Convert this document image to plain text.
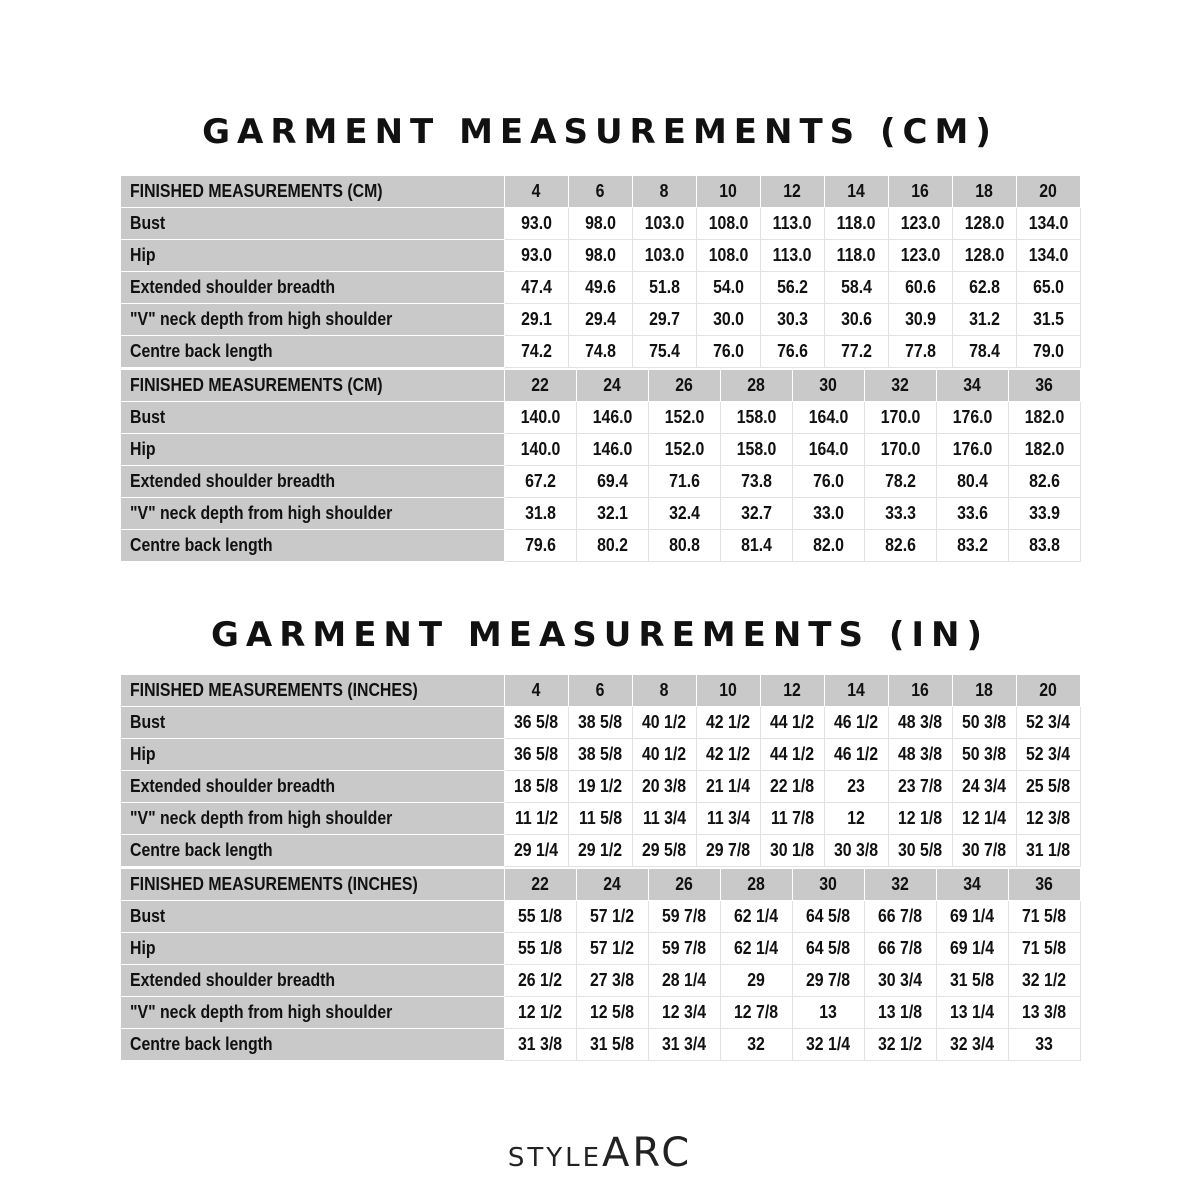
GARMENT MEASUREMENTS (CM)
FINISHED MEASUREMENTS (CM)	4	6	8	10	12	14	16	18	20
Bust	93.0	98.0	103.0	108.0	113.0	118.0	123.0	128.0	134.0
Hip	93.0	98.0	103.0	108.0	113.0	118.0	123.0	128.0	134.0
Extended shoulder breadth	47.4	49.6	51.8	54.0	56.2	58.4	60.6	62.8	65.0
"V" neck depth from high shoulder	29.1	29.4	29.7	30.0	30.3	30.6	30.9	31.2	31.5
Centre back length	74.2	74.8	75.4	76.0	76.6	77.2	77.8	78.4	79.0
FINISHED MEASUREMENTS (CM)	22	24	26	28	30	32	34	36
Bust	140.0	146.0	152.0	158.0	164.0	170.0	176.0	182.0
Hip	140.0	146.0	152.0	158.0	164.0	170.0	176.0	182.0
Extended shoulder breadth	67.2	69.4	71.6	73.8	76.0	78.2	80.4	82.6
"V" neck depth from high shoulder	31.8	32.1	32.4	32.7	33.0	33.3	33.6	33.9
Centre back length	79.6	80.2	80.8	81.4	82.0	82.6	83.2	83.8
GARMENT MEASUREMENTS (IN)
FINISHED MEASUREMENTS (INCHES)	4	6	8	10	12	14	16	18	20
Bust	36 5/8	38 5/8	40 1/2	42 1/2	44 1/2	46 1/2	48 3/8	50 3/8	52 3/4
Hip	36 5/8	38 5/8	40 1/2	42 1/2	44 1/2	46 1/2	48 3/8	50 3/8	52 3/4
Extended shoulder breadth	18 5/8	19 1/2	20 3/8	21 1/4	22 1/8	23	23 7/8	24 3/4	25 5/8
"V" neck depth from high shoulder	11 1/2	11 5/8	11 3/4	11 3/4	11 7/8	12	12 1/8	12 1/4	12 3/8
Centre back length	29 1/4	29 1/2	29 5/8	29 7/8	30 1/8	30 3/8	30 5/8	30 7/8	31 1/8
FINISHED MEASUREMENTS (INCHES)	22	24	26	28	30	32	34	36
Bust	55 1/8	57 1/2	59 7/8	62 1/4	64 5/8	66 7/8	69 1/4	71 5/8
Hip	55 1/8	57 1/2	59 7/8	62 1/4	64 5/8	66 7/8	69 1/4	71 5/8
Extended shoulder breadth	26 1/2	27 3/8	28 1/4	29	29 7/8	30 3/4	31 5/8	32 1/2
"V" neck depth from high shoulder	12 1/2	12 5/8	12 3/4	12 7/8	13	13 1/8	13 1/4	13 3/8
Centre back length	31 3/8	31 5/8	31 3/4	32	32 1/4	32 1/2	32 3/4	33
STYLEARC
